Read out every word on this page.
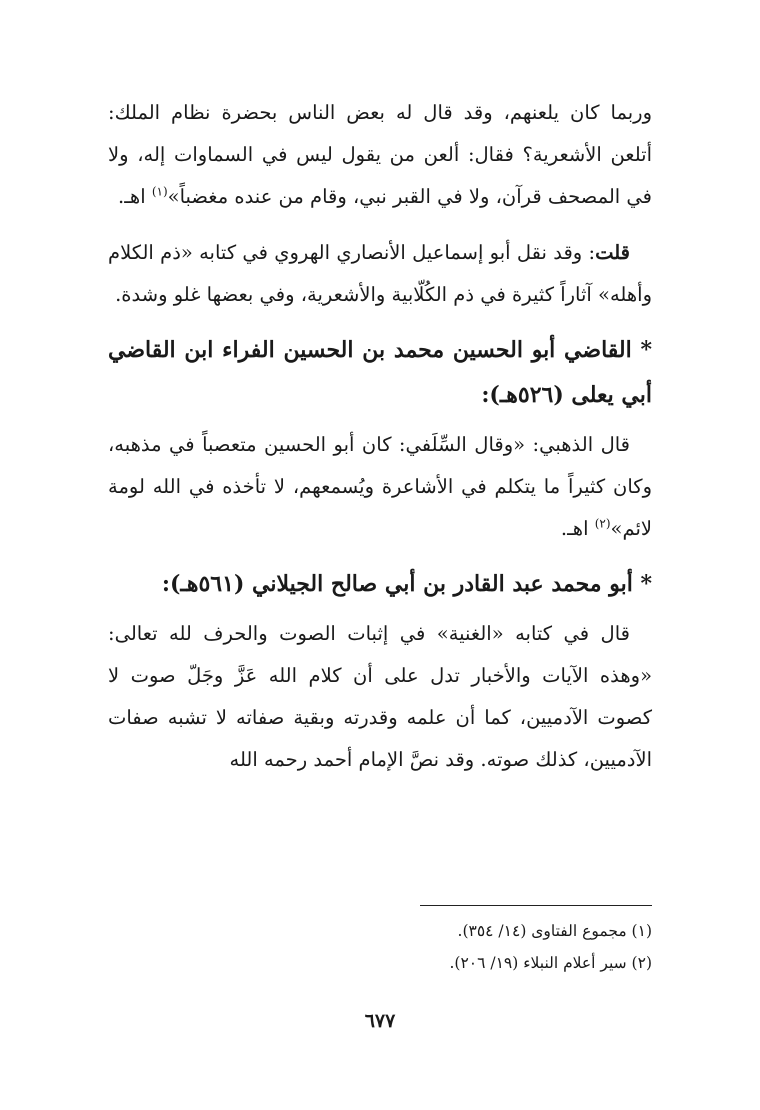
وربما كان يلعنهم، وقد قال له بعض الناس بحضرة نظام الملك: أتلعن الأشعرية؟ فقال: ألعن من يقول ليس في السماوات إله، ولا في المصحف قرآن، ولا في القبر نبي، وقام من عنده مغضباً»$^{(١)}$ اهـ.

قلت: وقد نقل أبو إسماعيل الأنصاري الهروي في كتابه «ذم الكلام وأهله» آثاراً كثيرة في ذم الكُلّابية والأشعرية، وفي بعضها غلو وشدة.

* القاضي أبو الحسين محمد بن الحسين الفراء ابن القاضي أبي يعلى (٥٢٦هـ):

قال الذهبي: «وقال السِّلَفي: كان أبو الحسين متعصباً في مذهبه، وكان كثيراً ما يتكلم في الأشاعرة ويُسمعهم، لا تأخذه في الله لومة لائم»$^{(٢)}$ اهـ.

* أبو محمد عبد القادر بن أبي صالح الجيلاني (٥٦١هـ):

قال في كتابه «الغنية» في إثبات الصوت والحرف لله تعالى: «وهذه الآيات والأخبار تدل على أن كلام الله عَزَّ وجَلّ صوت لا كصوت الآدميين، كما أن علمه وقدرته وبقية صفاته لا تشبه صفات الآدميين، كذلك صوته. وقد نصَّ الإمام أحمد رحمه الله

(١) مجموع الفتاوى (١٤/ ٣٥٤).

(٢) سير أعلام النبلاء (١٩/ ٢٠٦).

٦٧٧
